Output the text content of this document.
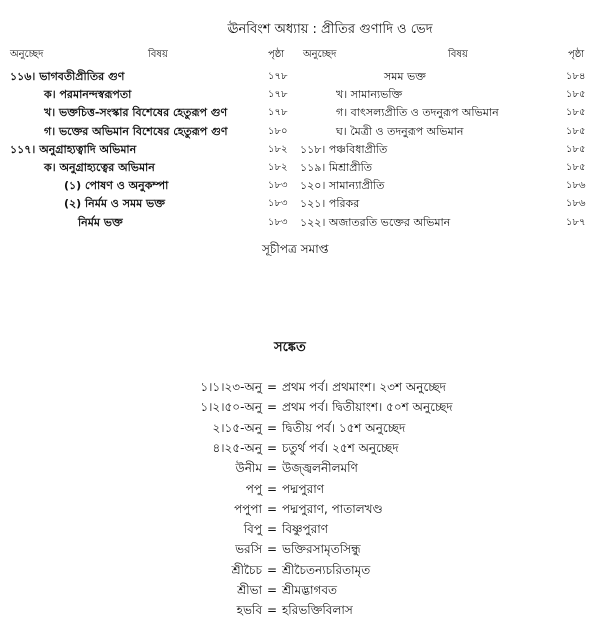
ঊনবিংশ অধ্যায় : প্রীতির গুণাদি ও ভেদ
অনুচ্ছেদ	বিষয়	পৃষ্ঠা অনুচ্ছেদ	বিষয়	পৃষ্ঠা
১১৬। ভাগবতীপ্রীতির গুণ	১৭৮
ক। পরমানন্দস্বরূপতা	১৭৮
খ। ভক্তচিত্ত-সংস্কার বিশেষের হেতুরূপ গুণ	১৭৮
গ। ভক্তের অভিমান বিশেষের হেতুরূপ গুণ	১৮০
১১৭। অনুগ্রাহ্যত্বাদি অভিমান	১৮২
ক। অনুগ্রাহ্যত্বের অভিমান	১৮২
(১) পোষণ ও অনুকম্পা	১৮৩
(২) নির্মম ও সমম ভক্ত	১৮৩
নির্মম ভক্ত	১৮৩
সমম ভক্ত	১৮৪
খ। সামান্যভক্তি	১৮৫
গ। বাৎসল্যপ্রীতি ও তদনুরূপ অভিমান	১৮৫
ঘ। মৈত্রী ও তদনুরূপ অভিমান	১৮৫
১১৮। পঞ্চবিধাপ্রীতি	১৮৫
১১৯। মিশ্রাপ্রীতি	১৮৫
১২০। সামান্যাপ্রীতি	১৮৬
১২১। পরিকর	১৮৬
১২২। অজাতরতি ভক্তের অভিমান	১৮৭
সূচীপত্র সমাপ্ত
সঙ্কেত
১।১।২৩-অনু = প্রথম পর্ব। প্রথমাংশ। ২৩শ অনুচ্ছেদ
১।২।৫০-অনু = প্রথম পর্ব। দ্বিতীয়াংশ। ৫০শ অনুচ্ছেদ
২।১৫-অনু = দ্বিতীয় পর্ব। ১৫শ অনুচ্ছেদ
৪।২৫-অনু = চতুর্থ পর্ব। ২৫শ অনুচ্ছেদ
উনীম = উজ্জ্বলনীলমণি
পপু = পদ্মপুরাণ
পপুপা = পদ্মপুরাণ, পাতালখণ্ড
বিপু = বিষ্ণুপুরাণ
ভরসি = ভক্তিরসামৃতসিন্ধু
শ্রীচৈচ = শ্রীচৈতন্যচরিতামৃত
শ্রীভা = শ্রীমদ্ভাগবত
হভবি = হরিভক্তিবিলাস
